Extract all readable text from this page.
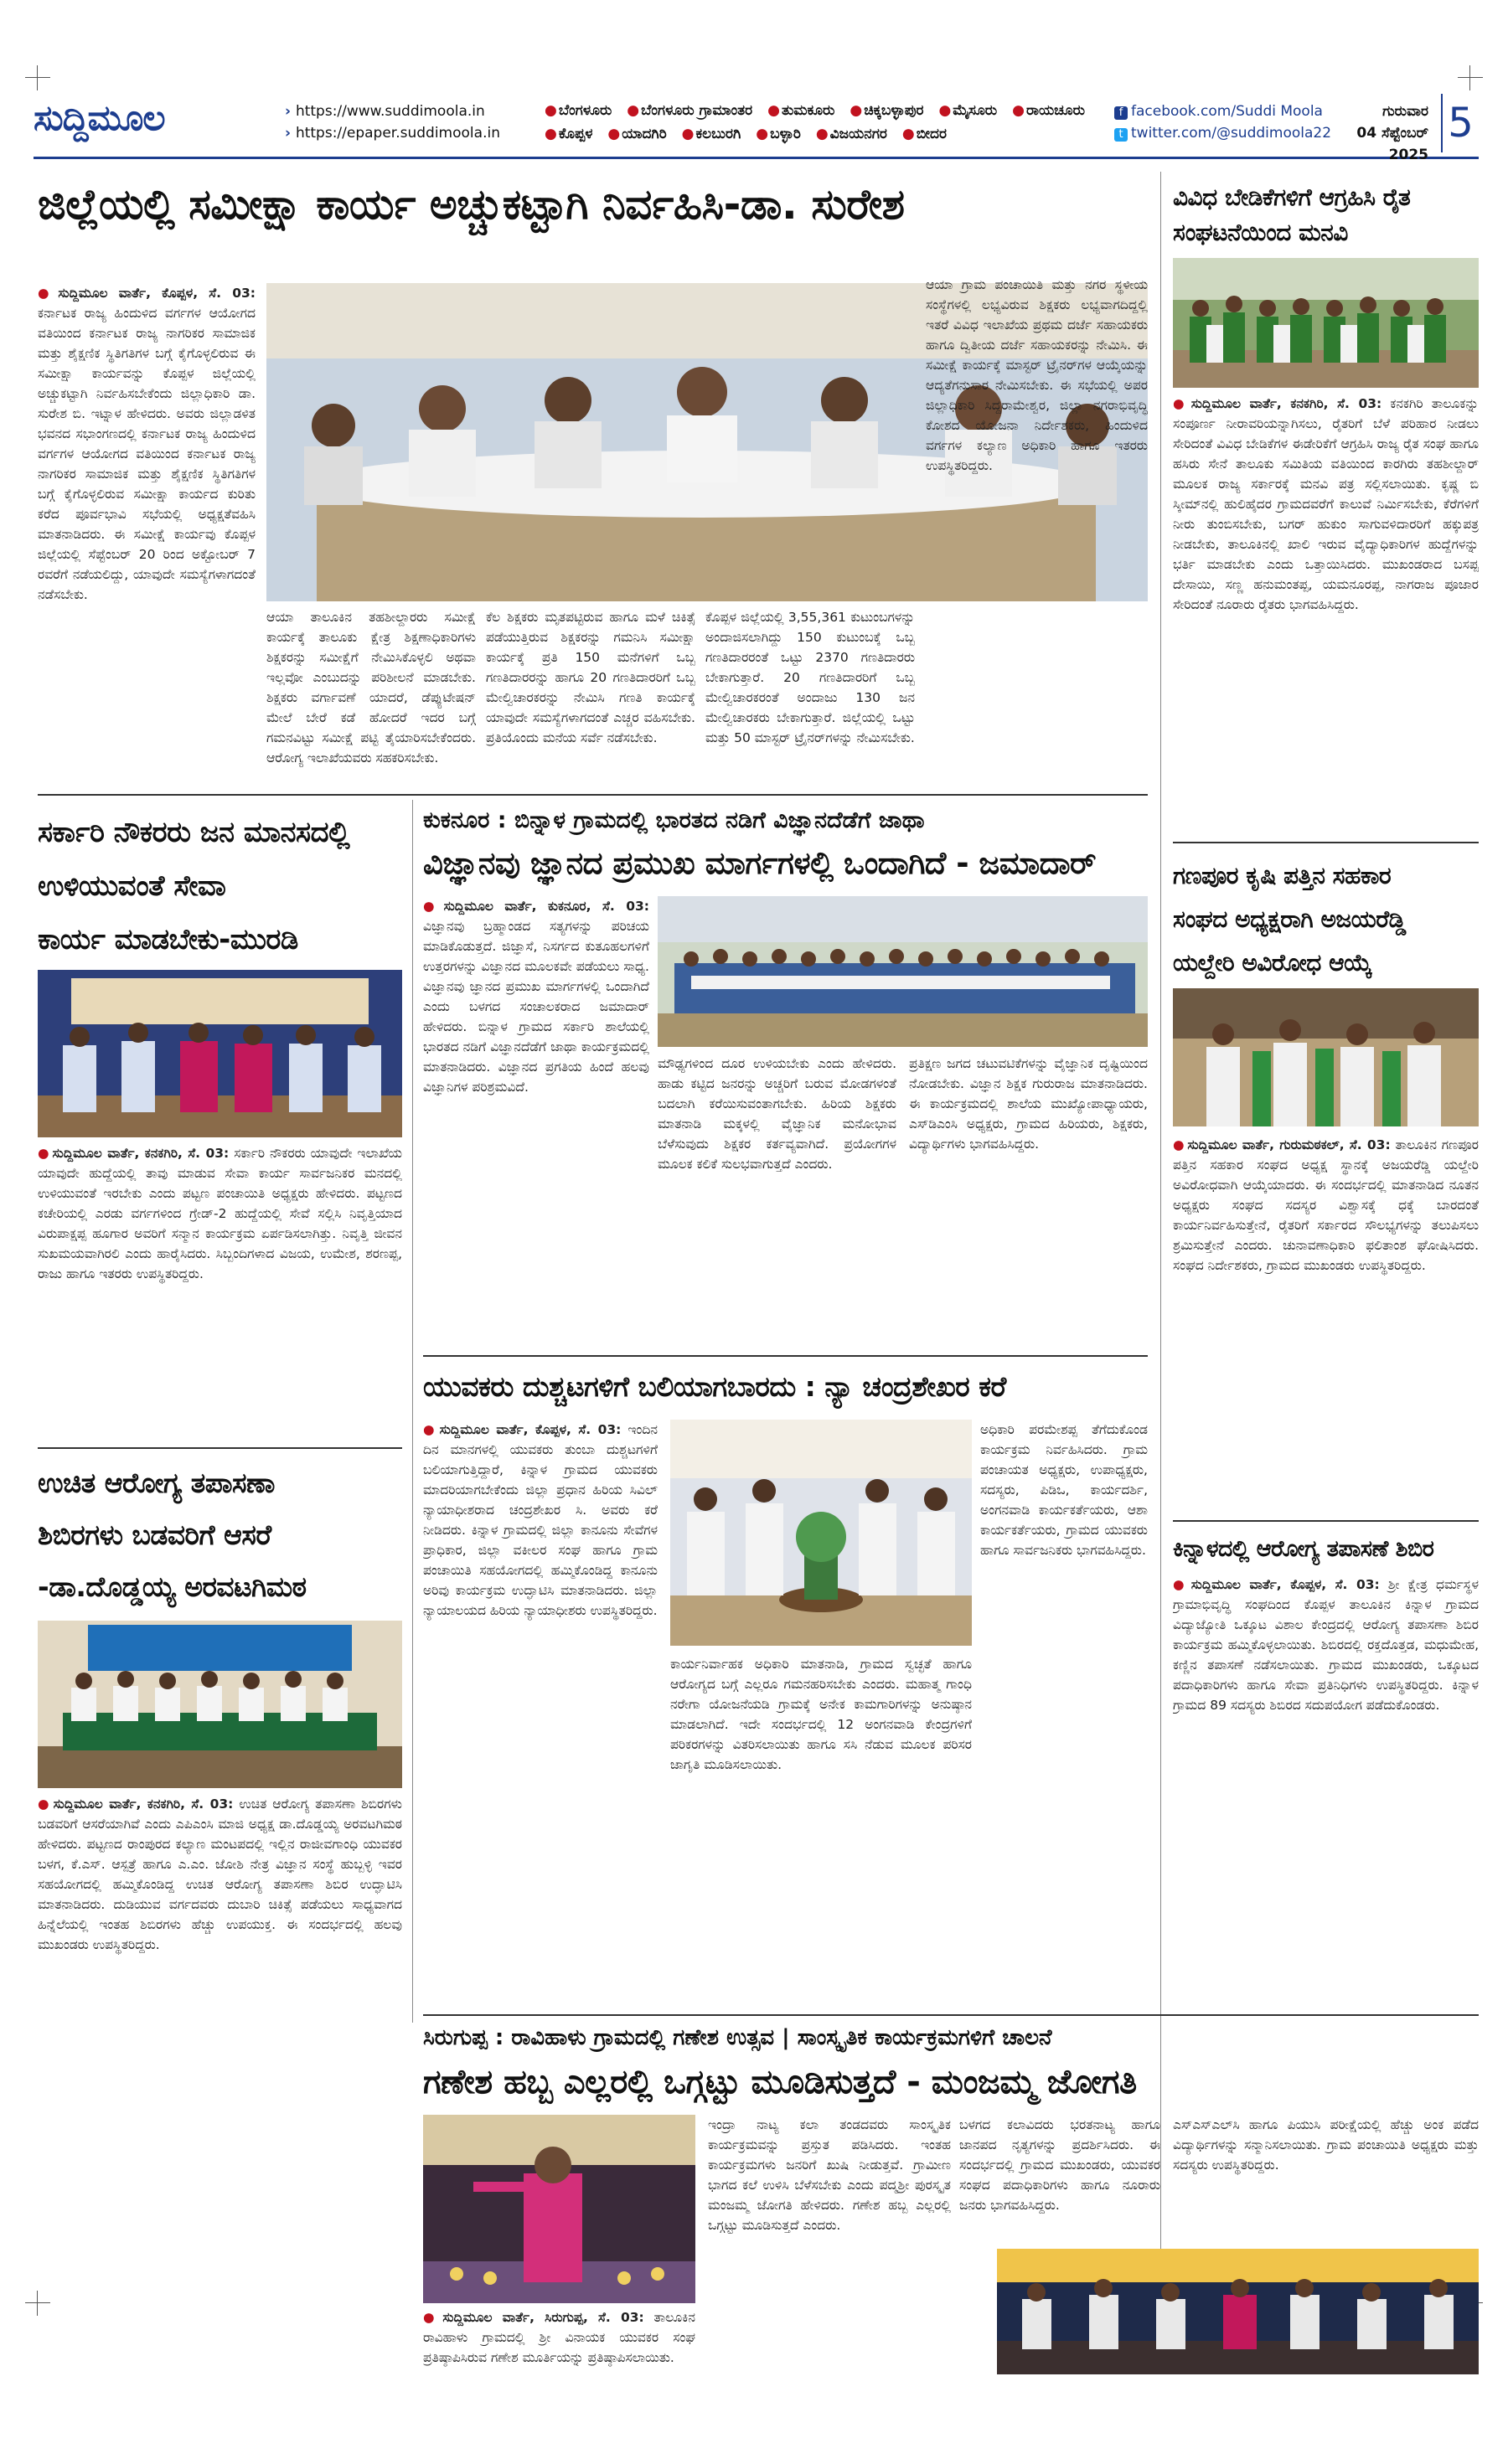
ಸುದ್ದಿಮೂಲ	› https://www.suddimoola.in
› https://epaper.suddimoola.in
● ಬೆಂಗಳೂರು ● ಬೆಂಗಳೂರು ಗ್ರಾಮಾಂತರ ● ತುಮಕೂರು ● ಚಿಕ್ಕಬಳ್ಳಾಪುರ ● ಮೈಸೂರು ● ರಾಯಚೂರು ● ಕೊಪ್ಪಳ ● ಯಾದಗಿರಿ ● ಕಲಬುರಗಿ ● ಬಳ್ಳಾರಿ ● ವಿಜಯನಗರ ● ಬೀದರ
f facebook.com/Suddi Moola
t twitter.com/@suddimoola22
ಗುರುವಾರ
04 ಸೆಪ್ಟೆಂಬರ್ 2025
5
ಜಿಲ್ಲೆಯಲ್ಲಿ ಸಮೀಕ್ಷಾ ಕಾರ್ಯ ಅಚ್ಚುಕಟ್ಟಾಗಿ ನಿರ್ವಹಿಸಿ-ಡಾ. ಸುರೇಶ
● ಸುದ್ದಿಮೂಲ ವಾರ್ತೆ, ಕೊಪ್ಪಳ, ಸೆ. 03: ಕರ್ನಾಟಕ ರಾಜ್ಯ ಹಿಂದುಳಿದ ವರ್ಗಗಳ ಆಯೋಗದ ವತಿಯಿಂದ ಕರ್ನಾಟಕ ರಾಜ್ಯ ನಾಗರಿಕರ ಸಾಮಾಜಿಕ ಮತ್ತು ಶೈಕ್ಷಣಿಕ ಸ್ಥಿತಿಗತಿಗಳ ಬಗ್ಗೆ ಕೈಗೊಳ್ಳಲಿರುವ ಈ ಸಮೀಕ್ಷಾ ಕಾರ್ಯವನ್ನು ಕೊಪ್ಪಳ ಜಿಲ್ಲೆಯಲ್ಲಿ ಅಚ್ಚುಕಟ್ಟಾಗಿ ನಿರ್ವಹಿಸಬೇಕೆಂದು ಜಿಲ್ಲಾಧಿಕಾರಿ ಡಾ. ಸುರೇಶ ಬಿ. ಇಟ್ನಾಳ ಹೇಳಿದರು. ಅವರು ಜಿಲ್ಲಾಡಳಿತ ಭವನದ ಸಭಾಂಗಣದಲ್ಲಿ ಕರ್ನಾಟಕ ರಾಜ್ಯ ಹಿಂದುಳಿದ ವರ್ಗಗಳ ಆಯೋಗದ ವತಿಯಿಂದ ಕರ್ನಾಟಕ ರಾಜ್ಯ ನಾಗರಿಕರ ಸಾಮಾಜಿಕ ಮತ್ತು ಶೈಕ್ಷಣಿಕ ಸ್ಥಿತಿಗತಿಗಳ ಬಗ್ಗೆ ಕೈಗೊಳ್ಳಲಿರುವ ಸಮೀಕ್ಷಾ ಕಾರ್ಯದ ಕುರಿತು ಕರೆದ ಪೂರ್ವಭಾವಿ ಸಭೆಯಲ್ಲಿ ಅಧ್ಯಕ್ಷತೆವಹಿಸಿ ಮಾತನಾಡಿದರು. ಈ ಸಮೀಕ್ಷೆ ಕಾರ್ಯವು ಕೊಪ್ಪಳ ಜಿಲ್ಲೆಯಲ್ಲಿ ಸೆಪ್ಟೆಂಬರ್ 20 ರಿಂದ ಅಕ್ಟೋಬರ್ 7 ರವರೆಗೆ ನಡೆಯಲಿದ್ದು, ಯಾವುದೇ ಸಮಸ್ಯೆಗಳಾಗದಂತೆ ನಡೆಸಬೇಕು.
ಆಯಾ ತಾಲೂಕಿನ ತಹಶೀಲ್ದಾರರು ಸಮೀಕ್ಷೆ ಕಾರ್ಯಕ್ಕೆ ತಾಲೂಕು ಕ್ಷೇತ್ರ ಶಿಕ್ಷಣಾಧಿಕಾರಿಗಳು ಶಿಕ್ಷಕರನ್ನು ಸಮೀಕ್ಷೆಗೆ ನೇಮಿಸಿಕೊಳ್ಳಲಿ ಅಥವಾ ಇಲ್ಲವೋ ಎಂಬುದನ್ನು ಪರಿಶೀಲನೆ ಮಾಡಬೇಕು. ಶಿಕ್ಷಕರು ವರ್ಗಾವಣೆ ಯಾದರೆ, ಡೆಪ್ಯುಟೇಷನ್ ಮೇಲೆ ಬೇರೆ ಕಡೆ ಹೋದರೆ ಇದರ ಬಗ್ಗೆ ಗಮನವಿಟ್ಟು ಸಮೀಕ್ಷೆ ಪಟ್ಟಿ ತೈಯಾರಿಸಬೇಕೆಂದರು. ಆರೋಗ್ಯ ಇಲಾಖೆಯವರು ಸಹಕರಿಸಬೇಕು.
ಕೆಲ ಶಿಕ್ಷಕರು ಮೃತಪಟ್ಟಿರುವ ಹಾಗೂ ಮಳೆ ಚಿಕಿತ್ಸೆ ಪಡೆಯುತ್ತಿರುವ ಶಿಕ್ಷಕರನ್ನು ಗಮನಿಸಿ ಸಮೀಕ್ಷಾ ಕಾರ್ಯಕ್ಕೆ ಪ್ರತಿ 150 ಮನೆಗಳಿಗೆ ಒಬ್ಬ ಗಣತಿದಾರರನ್ನು ಹಾಗೂ 20 ಗಣತಿದಾರರಿಗೆ ಒಬ್ಬ ಮೇಲ್ವಿಚಾರಕರನ್ನು ನೇಮಿಸಿ ಗಣತಿ ಕಾರ್ಯಕ್ಕೆ ಯಾವುದೇ ಸಮಸ್ಯೆಗಳಾಗದಂತೆ ಎಚ್ಚರ ವಹಿಸಬೇಕು. ಪ್ರತಿಯೊಂದು ಮನೆಯ ಸರ್ವೆ ನಡೆಸಬೇಕು.
ಕೊಪ್ಪಳ ಜಿಲ್ಲೆಯಲ್ಲಿ 3,55,361 ಕುಟುಂಬಗಳನ್ನು ಅಂದಾಜಿಸಲಾಗಿದ್ದು 150 ಕುಟುಂಬಕ್ಕೆ ಒಬ್ಬ ಗಣತಿದಾರರಂತೆ ಒಟ್ಟು 2370 ಗಣತಿದಾರರು ಬೇಕಾಗುತ್ತಾರೆ. 20 ಗಣತಿದಾರರಿಗೆ ಒಬ್ಬ ಮೇಲ್ವಿಚಾರಕರಂತೆ ಅಂದಾಜು 130 ಜನ ಮೇಲ್ವಿಚಾರಕರು ಬೇಕಾಗುತ್ತಾರೆ. ಜಿಲ್ಲೆಯಲ್ಲಿ ಒಟ್ಟು ಮತ್ತು 50 ಮಾಸ್ಟರ್ ಟ್ರೈನರ್‌ಗಳನ್ನು ನೇಮಿಸಬೇಕು.
ಆಯಾ ಗ್ರಾಮ ಪಂಚಾಯಿತಿ ಮತ್ತು ನಗರ ಸ್ಥಳೀಯ ಸಂಸ್ಥೆಗಳಲ್ಲಿ ಲಭ್ಯವಿರುವ ಶಿಕ್ಷಕರು ಲಭ್ಯವಾಗದಿದ್ದಲ್ಲಿ ಇತರೆ ವಿವಿಧ ಇಲಾಖೆಯ ಪ್ರಥಮ ದರ್ಜೆ ಸಹಾಯಕರು ಹಾಗೂ ದ್ವಿತೀಯ ದರ್ಜೆ ಸಹಾಯಕರನ್ನು ನೇಮಿಸಿ. ಈ ಸಮೀಕ್ಷೆ ಕಾರ್ಯಕ್ಕೆ ಮಾಸ್ಟರ್ ಟ್ರೈನರ್‌ಗಳ ಆಯ್ಕೆಯನ್ನು ಆದ್ಯತೆಗನುಸಾರ ನೇಮಿಸಬೇಕು. ಈ ಸಭೆಯಲ್ಲಿ ಅಪರ ಜಿಲ್ಲಾಧಿಕಾರಿ ಸಿದ್ದರಾಮೇಶ್ವರ, ಜಿಲ್ಲಾ ನಗರಾಭಿವೃದ್ಧಿ ಕೋಶದ ಯೋಜನಾ ನಿರ್ದೇಶಕರು, ಹಿಂದುಳಿದ ವರ್ಗಗಳ ಕಲ್ಯಾಣ ಅಧಿಕಾರಿ ಹಾಗೂ ಇತರರು ಉಪಸ್ಥಿತರಿದ್ದರು.
ವಿವಿಧ ಬೇಡಿಕೆಗಳಿಗೆ ಆಗ್ರಹಿಸಿ ರೈತ ಸಂಘಟನೆಯಿಂದ ಮನವಿ
● ಸುದ್ದಿಮೂಲ ವಾರ್ತೆ, ಕನಕಗಿರಿ, ಸೆ. 03: ಕನಕಗಿರಿ ತಾಲೂಕನ್ನು ಸಂಪೂರ್ಣ ನೀರಾವರಿಯನ್ನಾಗಿಸಲು, ರೈತರಿಗೆ ಬೆಳೆ ಪರಿಹಾರ ನೀಡಲು ಸೇರಿದಂತೆ ವಿವಿಧ ಬೇಡಿಕೆಗಳ ಈಡೇರಿಕೆಗೆ ಆಗ್ರಹಿಸಿ ರಾಜ್ಯ ರೈತ ಸಂಘ ಹಾಗೂ ಹಸಿರು ಸೇನೆ ತಾಲೂಕು ಸಮಿತಿಯ ವತಿಯಿಂದ ಕಾರಗಿರು ತಹಶೀಲ್ದಾರ್ ಮೂಲಕ ರಾಜ್ಯ ಸರ್ಕಾರಕ್ಕೆ ಮನವಿ ಪತ್ರ ಸಲ್ಲಿಸಲಾಯಿತು. ಕೃಷ್ಣ ಬಿ ಸ್ಕೀಮ್‌ನಲ್ಲಿ ಹುಲಿಹೈದರ ಗ್ರಾಮದವರೆಗೆ ಕಾಲುವೆ ನಿರ್ಮಿಸಬೇಕು, ಕೆರೆಗಳಿಗೆ ನೀರು ತುಂಬಿಸಬೇಕು, ಬಗರ್ ಹುಕುಂ ಸಾಗುವಳಿದಾರರಿಗೆ ಹಕ್ಕುಪತ್ರ ನೀಡಬೇಕು, ತಾಲೂಕಿನಲ್ಲಿ ಖಾಲಿ ಇರುವ ವೈದ್ಯಾಧಿಕಾರಿಗಳ ಹುದ್ದೆಗಳನ್ನು ಭರ್ತಿ ಮಾಡಬೇಕು ಎಂದು ಒತ್ತಾಯಿಸಿದರು. ಮುಖಂಡರಾದ ಬಸಪ್ಪ ದೇಸಾಯಿ, ಸಣ್ಣ ಹನುಮಂತಪ್ಪ, ಯಮನೂರಪ್ಪ, ನಾಗರಾಜ ಪೂಜಾರ ಸೇರಿದಂತೆ ನೂರಾರು ರೈತರು ಭಾಗವಹಿಸಿದ್ದರು.
ಗಣಪೂರ ಕೃಷಿ ಪತ್ತಿನ ಸಹಕಾರ
ಸಂಘದ ಅಧ್ಯಕ್ಷರಾಗಿ ಅಜಯರೆಡ್ಡಿ
ಯಲ್ದೇರಿ ಅವಿರೋಧ ಆಯ್ಕೆ
● ಸುದ್ದಿಮೂಲ ವಾರ್ತೆ, ಗುರುಮಠಕಲ್, ಸೆ. 03: ತಾಲೂಕಿನ ಗಣಪೂರ ಪತ್ತಿನ ಸಹಕಾರ ಸಂಘದ ಅಧ್ಯಕ್ಷ ಸ್ಥಾನಕ್ಕೆ ಅಜಯರೆಡ್ಡಿ ಯಲ್ದೇರಿ ಅವಿರೋಧವಾಗಿ ಆಯ್ಕೆಯಾದರು. ಈ ಸಂದರ್ಭದಲ್ಲಿ ಮಾತನಾಡಿದ ನೂತನ ಅಧ್ಯಕ್ಷರು ಸಂಘದ ಸದಸ್ಯರ ವಿಶ್ವಾಸಕ್ಕೆ ಧಕ್ಕೆ ಬಾರದಂತೆ ಕಾರ್ಯನಿರ್ವಹಿಸುತ್ತೇನೆ, ರೈತರಿಗೆ ಸರ್ಕಾರದ ಸೌಲಭ್ಯಗಳನ್ನು ತಲುಪಿಸಲು ಶ್ರಮಿಸುತ್ತೇನೆ ಎಂದರು. ಚುನಾವಣಾಧಿಕಾರಿ ಫಲಿತಾಂಶ ಘೋಷಿಸಿದರು. ಸಂಘದ ನಿರ್ದೇಶಕರು, ಗ್ರಾಮದ ಮುಖಂಡರು ಉಪಸ್ಥಿತರಿದ್ದರು.
ಕಿನ್ನಾಳದಲ್ಲಿ ಆರೋಗ್ಯ ತಪಾಸಣೆ ಶಿಬಿರ
● ಸುದ್ದಿಮೂಲ ವಾರ್ತೆ, ಕೊಪ್ಪಳ, ಸೆ. 03: ಶ್ರೀ ಕ್ಷೇತ್ರ ಧರ್ಮಸ್ಥಳ ಗ್ರಾಮಾಭಿವೃದ್ಧಿ ಸಂಘದಿಂದ ಕೊಪ್ಪಳ ತಾಲೂಕಿನ ಕಿನ್ನಾಳ ಗ್ರಾಮದ ವಿದ್ಯಾಜ್ಯೋತಿ ಒಕ್ಕೂಟ ವಿಶಾಲ ಕೇಂದ್ರದಲ್ಲಿ ಆರೋಗ್ಯ ತಪಾಸಣಾ ಶಿಬಿರ ಕಾರ್ಯಕ್ರಮ ಹಮ್ಮಿಕೊಳ್ಳಲಾಯಿತು. ಶಿಬಿರದಲ್ಲಿ ರಕ್ತದೊತ್ತಡ, ಮಧುಮೇಹ, ಕಣ್ಣಿನ ತಪಾಸಣೆ ನಡೆಸಲಾಯಿತು. ಗ್ರಾಮದ ಮುಖಂಡರು, ಒಕ್ಕೂಟದ ಪದಾಧಿಕಾರಿಗಳು ಹಾಗೂ ಸೇವಾ ಪ್ರತಿನಿಧಿಗಳು ಉಪಸ್ಥಿತರಿದ್ದರು. ಕಿನ್ನಾಳ ಗ್ರಾಮದ 89 ಸದಸ್ಯರು ಶಿಬಿರದ ಸದುಪಯೋಗ ಪಡೆದುಕೊಂಡರು.
ಸರ್ಕಾರಿ ನೌಕರರು ಜನ ಮಾನಸದಲ್ಲಿ
ಉಳಿಯುವಂತೆ ಸೇವಾ
ಕಾರ್ಯ ಮಾಡಬೇಕು-ಮುರಡಿ
● ಸುದ್ದಿಮೂಲ ವಾರ್ತೆ, ಕನಕಗಿರಿ, ಸೆ. 03: ಸರ್ಕಾರಿ ನೌಕರರು ಯಾವುದೇ ಇಲಾಖೆಯ ಯಾವುದೇ ಹುದ್ದೆಯಲ್ಲಿ ತಾವು ಮಾಡುವ ಸೇವಾ ಕಾರ್ಯ ಸಾರ್ವಜನಿಕರ ಮನದಲ್ಲಿ ಉಳಿಯುವಂತೆ ಇರಬೇಕು ಎಂದು ಪಟ್ಟಣ ಪಂಚಾಯಿತಿ ಅಧ್ಯಕ್ಷರು ಹೇಳಿದರು. ಪಟ್ಟಣದ ಕಚೇರಿಯಲ್ಲಿ ಎರಡು ವರ್ಗಗಳಿಂದ ಗ್ರೇಡ್-2 ಹುದ್ದೆಯಲ್ಲಿ ಸೇವೆ ಸಲ್ಲಿಸಿ ನಿವೃತ್ತಿಯಾದ ವಿರುಪಾಕ್ಷಪ್ಪ ಹೂಗಾರ ಅವರಿಗೆ ಸನ್ಮಾನ ಕಾರ್ಯಕ್ರಮ ಏರ್ಪಡಿಸಲಾಗಿತ್ತು. ನಿವೃತ್ತಿ ಜೀವನ ಸುಖಮಯವಾಗಿರಲಿ ಎಂದು ಹಾರೈಸಿದರು. ಸಿಬ್ಬಂದಿಗಳಾದ ವಿಜಯ, ಉಮೇಶ, ಶರಣಪ್ಪ, ರಾಜು ಹಾಗೂ ಇತರರು ಉಪಸ್ಥಿತರಿದ್ದರು.
ಕುಕನೂರ : ಬಿನ್ನಾಳ ಗ್ರಾಮದಲ್ಲಿ ಭಾರತದ ನಡಿಗೆ ವಿಜ್ಞಾನದೆಡೆಗೆ ಜಾಥಾ
ವಿಜ್ಞಾನವು ಜ್ಞಾನದ ಪ್ರಮುಖ ಮಾರ್ಗಗಳಲ್ಲಿ ಒಂದಾಗಿದೆ - ಜಮಾದಾರ್
● ಸುದ್ದಿಮೂಲ ವಾರ್ತೆ, ಕುಕನೂರ, ಸೆ. 03: ವಿಜ್ಞಾನವು ಬ್ರಹ್ಮಾಂಡದ ಸತ್ಯಗಳನ್ನು ಪರಿಚಯ ಮಾಡಿಕೊಡುತ್ತದೆ. ಜಿಜ್ಞಾಸೆ, ನಿಸರ್ಗದ ಕುತೂಹಲಗಳಿಗೆ ಉತ್ತರಗಳನ್ನು ವಿಜ್ಞಾನದ ಮೂಲಕವೇ ಪಡೆಯಲು ಸಾಧ್ಯ. ವಿಜ್ಞಾನವು ಜ್ಞಾನದ ಪ್ರಮುಖ ಮಾರ್ಗಗಳಲ್ಲಿ ಒಂದಾಗಿದೆ ಎಂದು ಬಳಗದ ಸಂಚಾಲಕರಾದ ಜಮಾದಾರ್ ಹೇಳಿದರು. ಬಿನ್ನಾಳ ಗ್ರಾಮದ ಸರ್ಕಾರಿ ಶಾಲೆಯಲ್ಲಿ ಭಾರತದ ನಡಿಗೆ ವಿಜ್ಞಾನದೆಡೆಗೆ ಜಾಥಾ ಕಾರ್ಯಕ್ರಮದಲ್ಲಿ ಮಾತನಾಡಿದರು. ವಿಜ್ಞಾನದ ಪ್ರಗತಿಯ ಹಿಂದೆ ಹಲವು ವಿಜ್ಞಾನಿಗಳ ಪರಿಶ್ರಮವಿದೆ.
ಮೌಢ್ಯಗಳಿಂದ ದೂರ ಉಳಿಯಬೇಕು ಎಂದು ಹೇಳಿದರು. ಹಾಡು ಕಟ್ಟಿದ ಜನರನ್ನು ಅಚ್ಚರಿಗೆ ಬರುವ ಮೋಡಗಳಂತೆ ಬದಲಾಗಿ ಕರೆಯಿಸುವಂತಾಗಬೇಕು. ಹಿರಿಯ ಶಿಕ್ಷಕರು ಮಾತನಾಡಿ ಮಕ್ಕಳಲ್ಲಿ ವೈಜ್ಞಾನಿಕ ಮನೋಭಾವ ಬೆಳೆಸುವುದು ಶಿಕ್ಷಕರ ಕರ್ತವ್ಯವಾಗಿದೆ. ಪ್ರಯೋಗಗಳ ಮೂಲಕ ಕಲಿಕೆ ಸುಲಭವಾಗುತ್ತದೆ ಎಂದರು.
ಪ್ರತಿಕ್ಷಣ ಜಗದ ಚಟುವಟಿಕೆಗಳನ್ನು ವೈಜ್ಞಾನಿಕ ದೃಷ್ಟಿಯಿಂದ ನೋಡಬೇಕು. ವಿಜ್ಞಾನ ಶಿಕ್ಷಕ ಗುರುರಾಜ ಮಾತನಾಡಿದರು. ಈ ಕಾರ್ಯಕ್ರಮದಲ್ಲಿ ಶಾಲೆಯ ಮುಖ್ಯೋಪಾಧ್ಯಾಯರು, ಎಸ್‌ಡಿಎಂಸಿ ಅಧ್ಯಕ್ಷರು, ಗ್ರಾಮದ ಹಿರಿಯರು, ಶಿಕ್ಷಕರು, ವಿದ್ಯಾರ್ಥಿಗಳು ಭಾಗವಹಿಸಿದ್ದರು.
ಉಚಿತ ಆರೋಗ್ಯ ತಪಾಸಣಾ
ಶಿಬಿರಗಳು ಬಡವರಿಗೆ ಆಸರೆ
-ಡಾ.ದೊಡ್ಡಯ್ಯ ಅರವಟಗಿಮಠ
● ಸುದ್ದಿಮೂಲ ವಾರ್ತೆ, ಕನಕಗಿರಿ, ಸೆ. 03: ಉಚಿತ ಆರೋಗ್ಯ ತಪಾಸಣಾ ಶಿಬಿರಗಳು ಬಡವರಿಗೆ ಆಸರೆಯಾಗಿವೆ ಎಂದು ಎಪಿಎಂಸಿ ಮಾಜಿ ಅಧ್ಯಕ್ಷ ಡಾ.ದೊಡ್ಡಯ್ಯ ಅರವಟಗಿಮಠ ಹೇಳಿದರು. ಪಟ್ಟಣದ ರಾಂಪುರದ ಕಲ್ಯಾಣ ಮಂಟಪದಲ್ಲಿ ಇಲ್ಲಿನ ರಾಜೀವಗಾಂಧಿ ಯುವಕರ ಬಳಗ, ಕೆ.ಎಸ್. ಆಸ್ಪತ್ರೆ ಹಾಗೂ ಎ.ಎಂ. ಜೋಶಿ ನೇತ್ರ ವಿಜ್ಞಾನ ಸಂಸ್ಥೆ ಹುಬ್ಬಳ್ಳಿ ಇವರ ಸಹಯೋಗದಲ್ಲಿ ಹಮ್ಮಿಕೊಂಡಿದ್ದ ಉಚಿತ ಆರೋಗ್ಯ ತಪಾಸಣಾ ಶಿಬಿರ ಉದ್ಘಾಟಿಸಿ ಮಾತನಾಡಿದರು. ದುಡಿಯುವ ವರ್ಗದವರು ದುಬಾರಿ ಚಿಕಿತ್ಸೆ ಪಡೆಯಲು ಸಾಧ್ಯವಾಗದ ಹಿನ್ನೆಲೆಯಲ್ಲಿ ಇಂತಹ ಶಿಬಿರಗಳು ಹೆಚ್ಚು ಉಪಯುಕ್ತ. ಈ ಸಂದರ್ಭದಲ್ಲಿ ಹಲವು ಮುಖಂಡರು ಉಪಸ್ಥಿತರಿದ್ದರು.
ಯುವಕರು ದುಶ್ಚಟಗಳಿಗೆ ಬಲಿಯಾಗಬಾರದು : ನ್ಯಾ ಚಂದ್ರಶೇಖರ ಕರೆ
● ಸುದ್ದಿಮೂಲ ವಾರ್ತೆ, ಕೊಪ್ಪಳ, ಸೆ. 03: ಇಂದಿನ ದಿನ ಮಾನಗಳಲ್ಲಿ ಯುವಕರು ತುಂಬಾ ದುಶ್ಚಟಗಳಿಗೆ ಬಲಿಯಾಗುತ್ತಿದ್ದಾರೆ, ಕಿನ್ನಾಳ ಗ್ರಾಮದ ಯುವಕರು ಮಾದರಿಯಾಗಬೇಕೆಂದು ಜಿಲ್ಲಾ ಪ್ರಧಾನ ಹಿರಿಯ ಸಿವಿಲ್ ನ್ಯಾಯಾಧೀಶರಾದ ಚಂದ್ರಶೇಖರ ಸಿ. ಅವರು ಕರೆ ನೀಡಿದರು. ಕಿನ್ನಾಳ ಗ್ರಾಮದಲ್ಲಿ ಜಿಲ್ಲಾ ಕಾನೂನು ಸೇವೆಗಳ ಪ್ರಾಧಿಕಾರ, ಜಿಲ್ಲಾ ವಕೀಲರ ಸಂಘ ಹಾಗೂ ಗ್ರಾಮ ಪಂಚಾಯಿತಿ ಸಹಯೋಗದಲ್ಲಿ ಹಮ್ಮಿಕೊಂಡಿದ್ದ ಕಾನೂನು ಅರಿವು ಕಾರ್ಯಕ್ರಮ ಉದ್ಘಾಟಿಸಿ ಮಾತನಾಡಿದರು. ಜಿಲ್ಲಾ ನ್ಯಾಯಾಲಯದ ಹಿರಿಯ ನ್ಯಾಯಾಧೀಶರು ಉಪಸ್ಥಿತರಿದ್ದರು.
ಕಾರ್ಯನಿರ್ವಾಹಕ ಅಧಿಕಾರಿ ಮಾತನಾಡಿ, ಗ್ರಾಮದ ಸ್ವಚ್ಛತೆ ಹಾಗೂ ಆರೋಗ್ಯದ ಬಗ್ಗೆ ಎಲ್ಲರೂ ಗಮನಹರಿಸಬೇಕು ಎಂದರು. ಮಹಾತ್ಮ ಗಾಂಧಿ ನರೇಗಾ ಯೋಜನೆಯಡಿ ಗ್ರಾಮಕ್ಕೆ ಅನೇಕ ಕಾಮಗಾರಿಗಳನ್ನು ಅನುಷ್ಠಾನ ಮಾಡಲಾಗಿದೆ. ಇದೇ ಸಂದರ್ಭದಲ್ಲಿ 12 ಅಂಗನವಾಡಿ ಕೇಂದ್ರಗಳಿಗೆ ಪರಿಕರಗಳನ್ನು ವಿತರಿಸಲಾಯಿತು ಹಾಗೂ ಸಸಿ ನೆಡುವ ಮೂಲಕ ಪರಿಸರ ಜಾಗೃತಿ ಮೂಡಿಸಲಾಯಿತು.
ಅಧಿಕಾರಿ ಪರಮೇಶಪ್ಪ ತೆಗೆದುಕೊಂಡ ಕಾರ್ಯಕ್ರಮ ನಿರ್ವಹಿಸಿದರು. ಗ್ರಾಮ ಪಂಚಾಯತ ಅಧ್ಯಕ್ಷರು, ಉಪಾಧ್ಯಕ್ಷರು, ಸದಸ್ಯರು, ಪಿಡಿಒ, ಕಾರ್ಯದರ್ಶಿ, ಅಂಗನವಾಡಿ ಕಾರ್ಯಕರ್ತೆಯರು, ಆಶಾ ಕಾರ್ಯಕರ್ತೆಯರು, ಗ್ರಾಮದ ಯುವಕರು ಹಾಗೂ ಸಾರ್ವಜನಿಕರು ಭಾಗವಹಿಸಿದ್ದರು.
ಸಿರುಗುಪ್ಪ : ರಾವಿಹಾಳು ಗ್ರಾಮದಲ್ಲಿ ಗಣೇಶ ಉತ್ಸವ | ಸಾಂಸ್ಕೃತಿಕ ಕಾರ್ಯಕ್ರಮಗಳಿಗೆ ಚಾಲನೆ
ಗಣೇಶ ಹಬ್ಬ ಎಲ್ಲರಲ್ಲಿ ಒಗ್ಗಟ್ಟು ಮೂಡಿಸುತ್ತದೆ - ಮಂಜಮ್ಮ ಜೋಗತಿ
● ಸುದ್ದಿಮೂಲ ವಾರ್ತೆ, ಸಿರುಗುಪ್ಪ, ಸೆ. 03: ತಾಲೂಕಿನ ರಾವಿಹಾಳು ಗ್ರಾಮದಲ್ಲಿ ಶ್ರೀ ವಿನಾಯಕ ಯುವಕರ ಸಂಘ ಪ್ರತಿಷ್ಠಾಪಿಸಿರುವ ಗಣೇಶ ಮೂರ್ತಿಯನ್ನು ಪ್ರತಿಷ್ಠಾಪಿಸಲಾಯಿತು.
ಇಂದ್ರಾ ನಾಟ್ಯ ಕಲಾ ತಂಡದವರು ಸಾಂಸ್ಕೃತಿಕ ಕಾರ್ಯಕ್ರಮವನ್ನು ಪ್ರಸ್ತುತ ಪಡಿಸಿದರು. ಇಂತಹ ಕಾರ್ಯಕ್ರಮಗಳು ಜನರಿಗೆ ಖುಷಿ ನೀಡುತ್ತವೆ. ಗ್ರಾಮೀಣ ಭಾಗದ ಕಲೆ ಉಳಿಸಿ ಬೆಳೆಸಬೇಕು ಎಂದು ಪದ್ಮಶ್ರೀ ಪುರಸ್ಕೃತ ಮಂಜಮ್ಮ ಜೋಗತಿ ಹೇಳಿದರು. ಗಣೇಶ ಹಬ್ಬ ಎಲ್ಲರಲ್ಲಿ ಒಗ್ಗಟ್ಟು ಮೂಡಿಸುತ್ತದೆ ಎಂದರು.
ಬಳಗದ ಕಲಾವಿದರು ಭರತನಾಟ್ಯ ಹಾಗೂ ಜಾನಪದ ನೃತ್ಯಗಳನ್ನು ಪ್ರದರ್ಶಿಸಿದರು. ಈ ಸಂದರ್ಭದಲ್ಲಿ ಗ್ರಾಮದ ಮುಖಂಡರು, ಯುವಕರ ಸಂಘದ ಪದಾಧಿಕಾರಿಗಳು ಹಾಗೂ ನೂರಾರು ಜನರು ಭಾಗವಹಿಸಿದ್ದರು.
ಎಸ್‌ಎಸ್‌ಎಲ್‌ಸಿ ಹಾಗೂ ಪಿಯುಸಿ ಪರೀಕ್ಷೆಯಲ್ಲಿ ಹೆಚ್ಚು ಅಂಕ ಪಡೆದ ವಿದ್ಯಾರ್ಥಿಗಳನ್ನು ಸನ್ಮಾನಿಸಲಾಯಿತು. ಗ್ರಾಮ ಪಂಚಾಯಿತಿ ಅಧ್ಯಕ್ಷರು ಮತ್ತು ಸದಸ್ಯರು ಉಪಸ್ಥಿತರಿದ್ದರು.
